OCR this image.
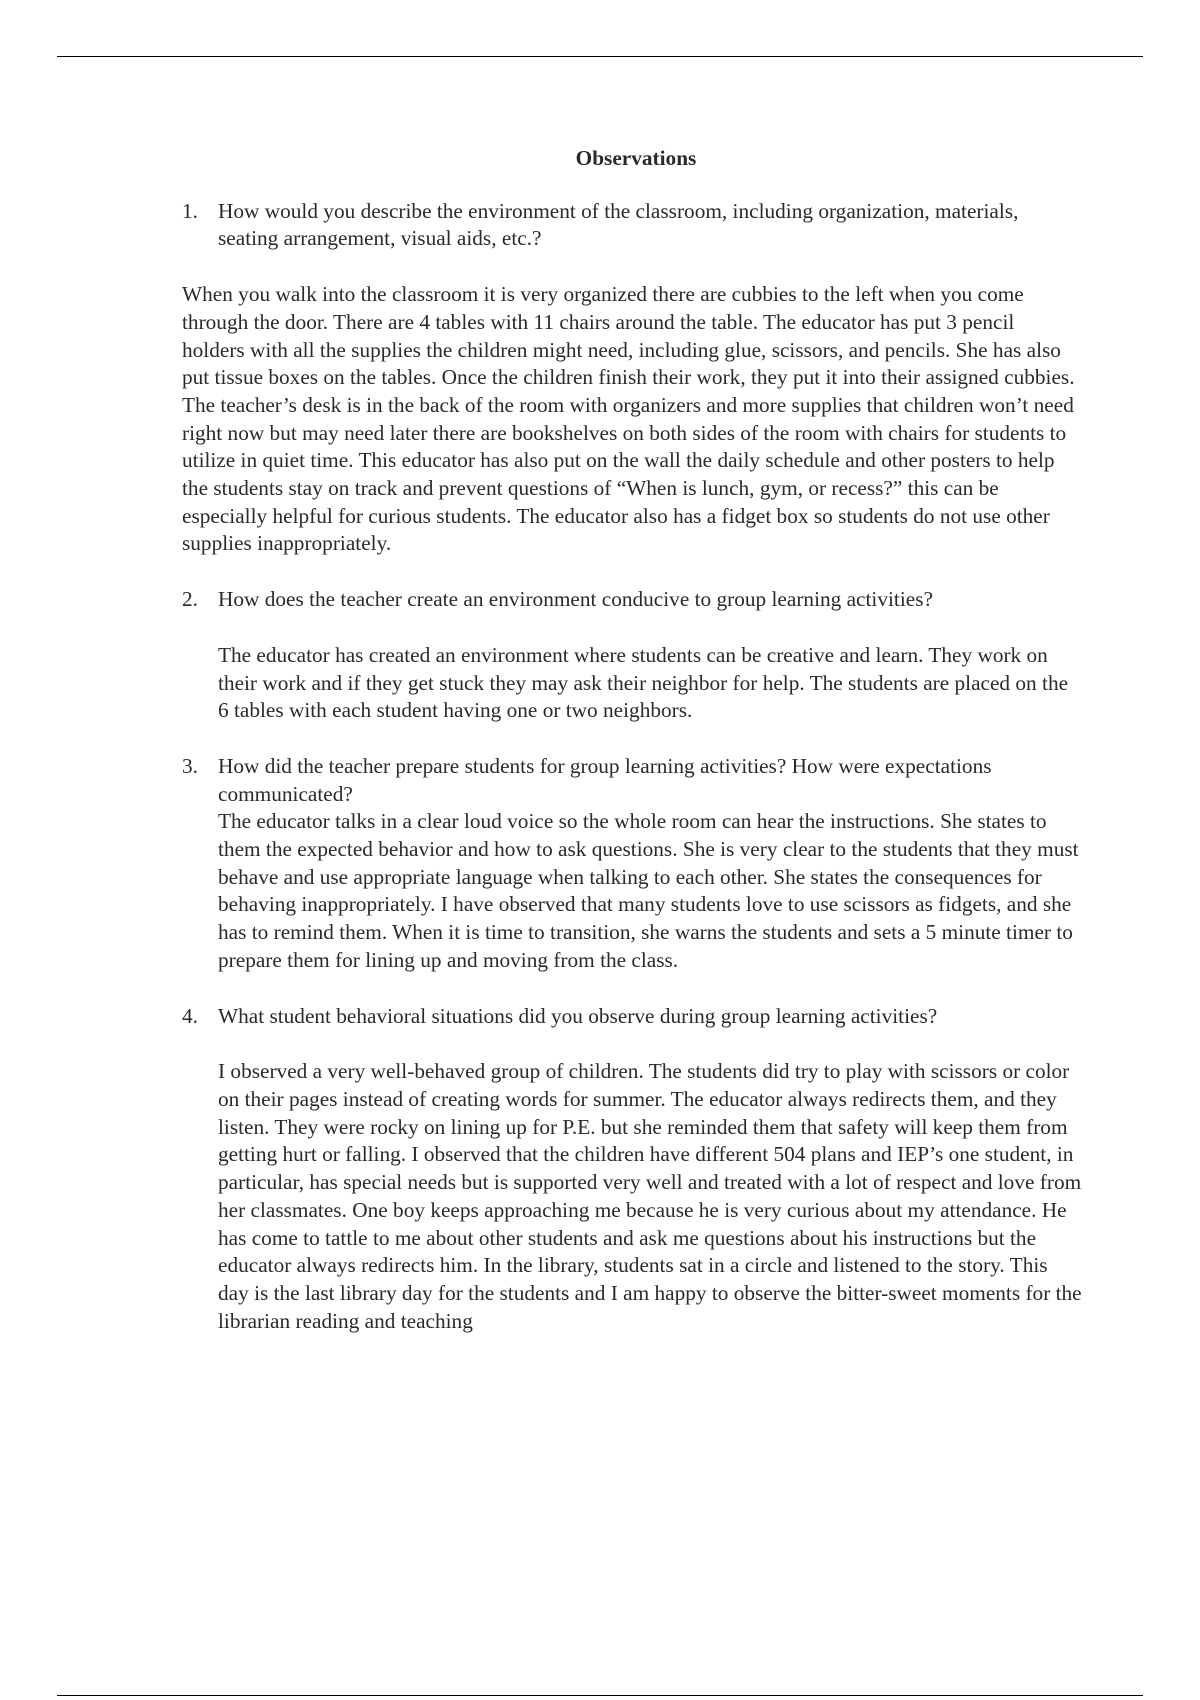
Observations

1. How would you describe the environment of the classroom, including organization, materials, seating arrangement, visual aids, etc.?

When you walk into the classroom it is very organized there are cubbies to the left when you come through the door. There are 4 tables with 11 chairs around the table. The educator has put 3 pencil holders with all the supplies the children might need, including glue, scissors, and pencils. She has also put tissue boxes on the tables. Once the children finish their work, they put it into their assigned cubbies. The teacher’s desk is in the back of the room with organizers and more supplies that children won’t need right now but may need later there are bookshelves on both sides of the room with chairs for students to utilize in quiet time. This educator has also put on the wall the daily schedule and other posters to help the students stay on track and prevent questions of “When is lunch, gym, or recess?” this can be especially helpful for curious students. The educator also has a fidget box so students do not use other supplies inappropriately.

2. How does the teacher create an environment conducive to group learning activities?

The educator has created an environment where students can be creative and learn. They work on their work and if they get stuck they may ask their neighbor for help. The students are placed on the 6 tables with each student having one or two neighbors.

3. How did the teacher prepare students for group learning activities? How were expectations communicated?

The educator talks in a clear loud voice so the whole room can hear the instructions. She states to them the expected behavior and how to ask questions. She is very clear to the students that they must behave and use appropriate language when talking to each other. She states the consequences for behaving inappropriately. I have observed that many students love to use scissors as fidgets, and she has to remind them. When it is time to transition, she warns the students and sets a 5 minute timer to prepare them for lining up and moving from the class.

4. What student behavioral situations did you observe during group learning activities?

I observed a very well-behaved group of children. The students did try to play with scissors or color on their pages instead of creating words for summer. The educator always redirects them, and they listen. They were rocky on lining up for P.E. but she reminded them that safety will keep them from getting hurt or falling. I observed that the children have different 504 plans and IEP’s one student, in particular, has special needs but is supported very well and treated with a lot of respect and love from her classmates. One boy keeps approaching me because he is very curious about my attendance. He has come to tattle to me about other students and ask me questions about his instructions but the educator always redirects him. In the library, students sat in a circle and listened to the story. This day is the last library day for the students and I am happy to observe the bitter-sweet moments for the librarian reading and teaching
